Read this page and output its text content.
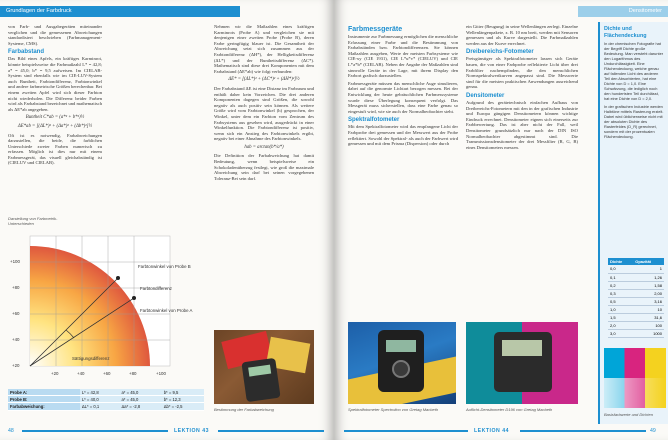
Grundlagen der Farbdruck

von Farb- und Ausgabegeräten miteinander verglichen und die gemessenen Abweichungen standardisiert beschrieben (Farbmanagement-Systeme, CMS).

Farbabstand

Das Bild eines Apfels, ein kräftiges Karminrot, könnte beispielsweise die Farbmaßzahl L* = 42,8; a* = 45,0; b* = 9,5 aufweisen. Im CIELAB-System sind ebenfalls wie im CIE-LUV-System auch Buntheit, Farbtondifferenz, Farbtonwinkel und andere farbmetrische Größen berechenbar. Bei einem zweiten Apfel wird sich dieser Farbton nicht wiederholen. Die Differenz beider Farben wird als Farbabstand bezeichnet und mathematisch als ΔE*ab angegeben.

Buntheit C*ab = (a*² + b*²)½
ΔE*ab = [(ΔL*)² + (Δa*)² + (Δb*)²]½

Oft ist es notwendig, Farbabweichungen darzustellen, die beide, die farblichen Unterschiede zweier Farben numerisch zu erfassen. Möglich ist dies nur mit einem Farbmessgerät, das visuell gleichabständig ist (CIELUV und CIELAB).

Darstellung von Farbmetrik-Unterschieden
+100
+80
+60
+40
+20
+20	+40	+60	+80	+100
Farbtonwinkel von Probe B
Farbtondifferenz
Farbtonwinkel von Probe A
Sättigungsdifferenz
Probe A:	L* = 42,8	a* = 45,0	b* = 9,5
Probe B:	L* = 40,0	a* = 45,0	b* = 12,3
Farbabweichung:	ΔL* = 0,1	Δa* = -2,8	Δb* = -2,5

Nehmen wir die Maßzahlen eines kräftigen Karminrots (Probe A) und vergleichen sie mit denjenigen einer zweiten Probe (Probe B), deren Farbe geringfügig blauer ist. Die Gesamtheit der Abweichung setzt sich zusammen aus der Farbtondifferenz (ΔH*), der Helligkeitsdifferenz (ΔL*) und der Buntheitsdifferenz (ΔC*). Mathematisch sind diese drei Komponenten mit dem Farbabstand (ΔE*ab) wie folgt verbunden:

ΔE* = [(ΔL*)² + (ΔC*)² + (ΔH*)²]½

Der Farbabstand ΔE ist eine Distanz im Farbraum und enthält daher kein Vorzeichen. Die drei anderen Komponenten dagegen sind Größen, die sowohl negativ als auch positiv sein können. Als weitere Größe wird vom Farbtonwinkel (h) gesprochen, der Winkel, unter dem ein Farbton vom Zentrum des Farbsystems aus gesehen wird, ausgedrückt in einer Winkelfunktion. Die Farbtondifferenz ist positiv, wenn sich ein Anstieg des Farbtonwinkels ergibt, negativ bei einer Abnahme des Farbtonwinkels.

hab = arctan(b*/a*)

Die Definition der Farbabweichung hat damit Bedeutung, wenn beispielsweise ein Schokoladenüberzug festlegt, wie groß die maximale Abweichung sein darf bei seinen vorgegebenen Toleranz-Bei sein darf.

Bestimmung der Farbabweichung
48	LEKTION 43
Densitometer
Farbmessgeräte

Instrumente zur Farbmessung ermöglichen die menschliche Erfassung einer Farbe und die Bestimmung von Farbabständen bzw. Farbtondifferenzen. Sie können Maßzahlen ausgeben, Werte der meisten Farbsysteme wie CIE-xy (CIE 1931), CIE L*u*v* (CIELUV) und CIE L*a*b* (CIELAB). Neben der Angabe der Maßzahlen sind sinnvolle Geräte in der Lage, mit ihrem Display den Farbort grafisch darzustellen.

Farbmessgeräte müssen das menschliche Auge simulieren, dabei auf die genormte Lichtart bezogen messen. Bei der Entwicklung der heute gebräuchlichen Farbmesssysteme wurde diese Überlegung konsequent verfolgt. Das Messgerät muss sicherstellen, dass eine Farbe genau so eingestuft wird, wie sie auch der Normalbeobachter sieht.

Spektralfotometer

Mit dem Spektralfotometer wird das empfangene Licht der Farbprobe drei gemessen und der Messwert aus der Probe reflektiert. Sowohl der Spektral- als auch der Farbwert wird gemessen und mit dem Prisma (Dispersion) oder durch

ein Gitter (Beugung) in seine Wellenlängen zerlegt. Einzelne Wellenlängenpakete, z. B. 10 nm breit, werden mit Sensoren gemessen und als Kurve dargestellt. Die Farbmaßzahlen werden aus der Kurve errechnet.

Dreibereichs-Fotometer

Preisgünstiger als Spektralfotometer lassen sich Geräte bauen, die von einer Farbprobe reflektierte Licht über drei Farbfilter nachempfinden, die den menschlichen Normspektralwertkurven angepasst sind. Die Messwerte sind für die meisten praktischen Anwendungen ausreichend genau.

Densitometer

Aufgrund des gerätetechnisch einfachen Aufbaus von Dreibereichs-Fotometern mit den in der grafischen Industrie und Europa gängigen Densitometern können wichtige Eindruck errechnet. Densitometer eignen sich einerseits zur Farbbewertung. Das ist aber nicht der Fall, weil Densitometer grundsätzlich nur nach der DIN ISO Normalbeobachter abgestimmt sind. Die Transmissionsdensitometer der drei Messfilter (R, G, B) eines Densitometers messen.

Spektralfotometer Spectrolino von Gretag Macbeth	Auflicht-Densitometer D196 von Gretag Macbeth
Dichte und Flächendeckung
In der chemischen Fotografie hat der Begriff Dichte große Bedeutung. Man versteht darunter den Logarithmus des Undurchlässigkeit. Eine Flächendeckung, welche genau auf fallenden Licht des anderen Teil den Absorbierten, hat eine Dichte von D = 1,0. Eine Schwärzung, die lediglich noch den hundertsten Teil durchlässt, hat eine Dichte von D = 2,0.
In der grafischen Industrie werden Halbtöne mittels Rasterung erzielt. Dabei wird üblicherweise nicht mit der absoluten Dichte des Rasterfeldes (D_R) gerechnet, sondern mit der prozentualen Flächendeckung.
Dichte	Opazität
0,0	1
0,1	1,26
0,2	1,58
0,3	2,00
0,5	3,16
1,0	10
1,5	31,6
2,0	100
3,0	1000
Basisfarbwerte und Dichten
LEKTION 44	49
